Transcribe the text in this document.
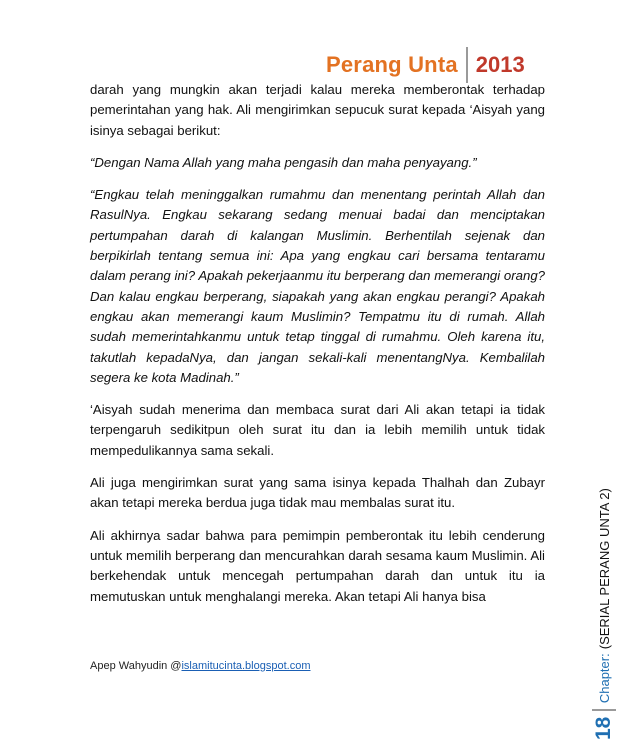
Perang Unta 2013

darah yang mungkin akan terjadi kalau mereka memberontak terhadap pemerintahan yang hak. Ali mengirimkan sepucuk surat kepada ‘Aisyah yang isinya sebagai berikut:

“Dengan Nama Allah yang maha pengasih dan maha penyayang.”

“Engkau telah meninggalkan rumahmu dan menentang perintah Allah dan RasulNya. Engkau sekarang sedang menuai badai dan menciptakan pertumpahan darah di kalangan Muslimin. Berhentilah sejenak dan berpikirlah tentang semua ini: Apa yang engkau cari bersama tentaramu dalam perang ini? Apakah pekerjaanmu itu berperang dan memerangi orang? Dan kalau engkau berperang, siapakah yang akan engkau perangi? Apakah engkau akan memerangi kaum Muslimin? Tempatmu itu di rumah. Allah sudah memerintahkanmu untuk tetap tinggal di rumahmu. Oleh karena itu, takutlah kepadaNya, dan jangan sekali-kali menentangNya. Kembalilah segera ke kota Madinah.”

‘Aisyah sudah menerima dan membaca surat dari Ali akan tetapi ia tidak terpengaruh sedikitpun oleh surat itu dan ia lebih memilih untuk tidak mempedulikannya sama sekali.

Ali juga mengirimkan surat yang sama isinya kepada Thalhah dan Zubayr akan tetapi mereka berdua juga tidak mau membalas surat itu.

Ali akhirnya sadar bahwa para pemimpin pemberontak itu lebih cenderung untuk memilih berperang dan mencurahkan darah sesama kaum Muslimin. Ali berkehendak untuk mencegah pertumpahan darah dan untuk itu ia memutuskan untuk menghalangi mereka. Akan tetapi Ali hanya bisa

Apep Wahyudin @islamitucinta.blogspot.com
18
Chapter:
(SERIAL PERANG UNTA 2)
